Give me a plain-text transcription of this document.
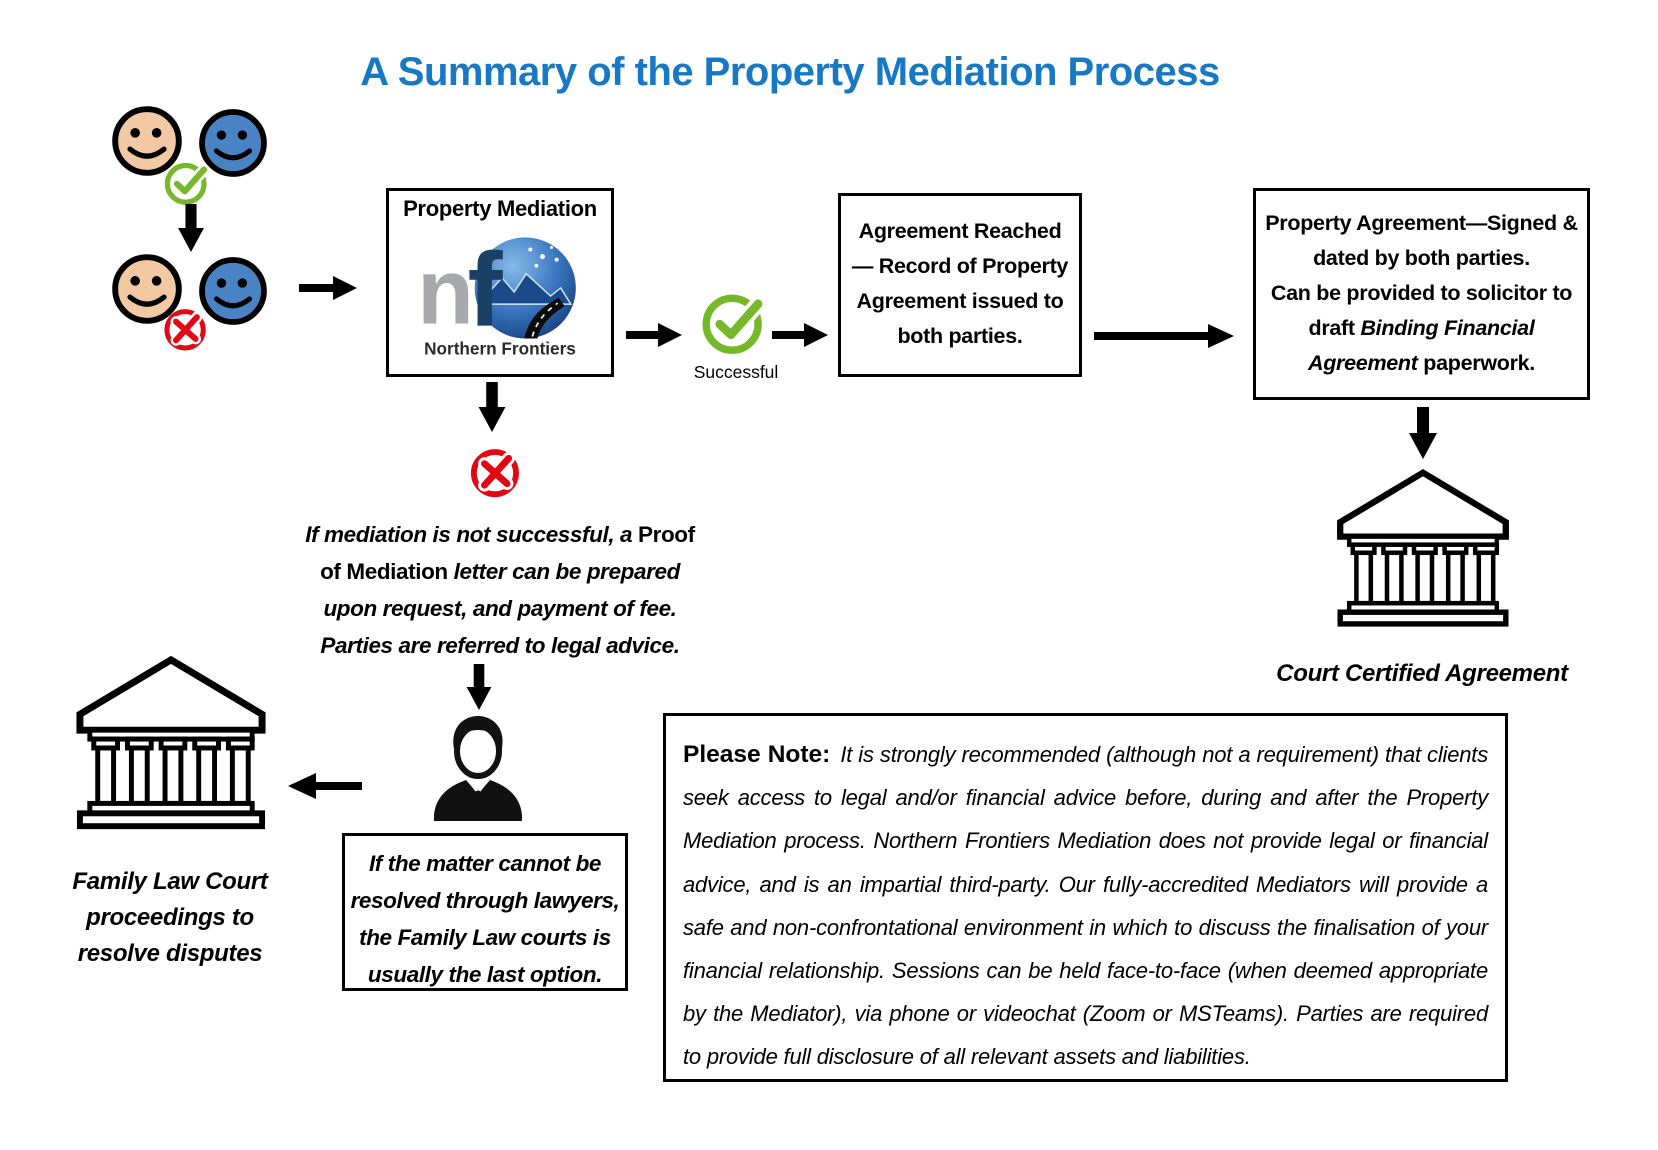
A Summary of the Property Mediation Process
Property Mediation
n
f
Northern Frontiers
Successful
Agreement Reached
— Record of Property
Agreement issued to
both parties.
Property Agreement—Signed &
dated by both parties.
Can be provided to solicitor to
draft Binding Financial
Agreement paperwork.
Court Certified Agreement
If mediation is not successful, a Proof
of Mediation letter can be prepared
upon request, and payment of fee.
Parties are referred to legal advice.
If the matter cannot be
resolved through lawyers,
the Family Law courts is
usually the last option.
Family Law Court
proceedings to
resolve disputes

Please Note: It is strongly recommended (although not a requirement) that clients seek access to legal and/or financial advice before, during and after the Property Mediation process. Northern Frontiers Mediation does not provide legal or financial advice, and is an impartial third-party. Our fully-accredited Mediators will provide a safe and non-confrontational environment in which to discuss the finalisation of your financial relationship. Sessions can be held face-to-face (when deemed appropriate by the Mediator), via phone or videochat (Zoom or MSTeams). Parties are required to provide full disclosure of all relevant assets and liabilities.
